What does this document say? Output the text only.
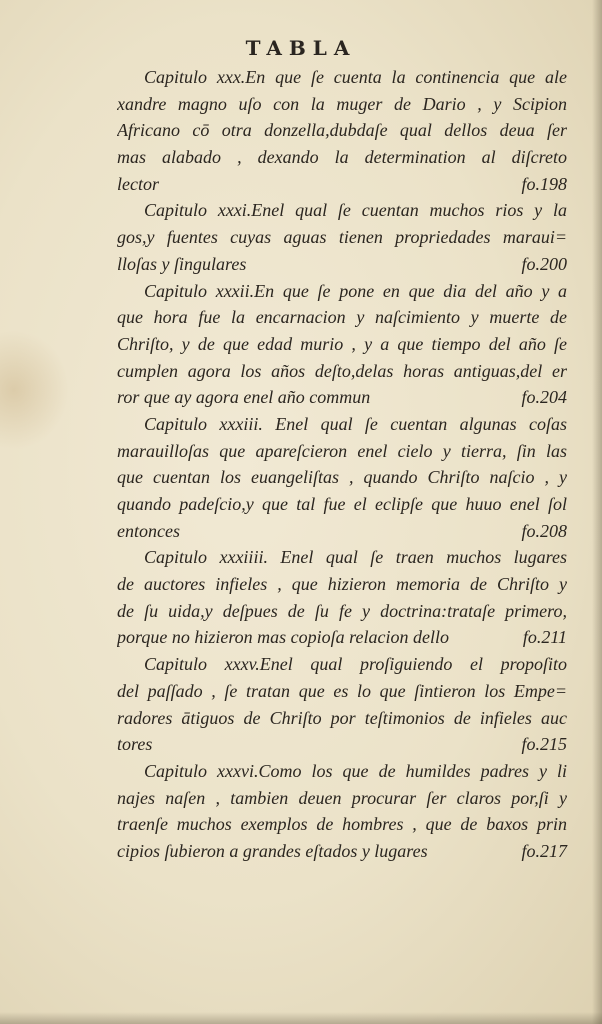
TABLA
Capitulo xxx.En que ſe cuenta la continencia que ale
xandre magno uſo con la muger de Dario , y Scipion
Africano cō otra donzella,dubdaſe qual dellos deua ſer
mas alabado , dexando la determination al diſcreto
lector	fo.198
Capitulo xxxi.Enel qual ſe cuentan muchos rios y la
gos,y fuentes cuyas aguas tienen propriedades maraui=
lloſas y ſingulares	fo.200
Capitulo xxxii.En que ſe pone en que dia del año y a
que hora fue la encarnacion y naſcimiento y muerte de
Chriſto, y de que edad murio , y a que tiempo del año ſe
cumplen agora los años deſto,delas horas antiguas,del er
ror que ay agora enel año commun	fo.204
Capitulo xxxiii. Enel qual ſe cuentan algunas coſas
marauilloſas que apareſcieron enel cielo y tierra, ſin las
que cuentan los euangeliſtas , quando Chriſto naſcio , y
quando padeſcio,y que tal fue el eclipſe que huuo enel ſol
entonces	fo.208
Capitulo xxxiiii. Enel qual ſe traen muchos lugares
de auctores infieles , que hizieron memoria de Chriſto y
de ſu uida,y deſpues de ſu fe y doctrina:trataſe primero,
porque no hizieron mas copioſa relacion dello	fo.211
Capitulo xxxv.Enel qual proſiguiendo el propoſito
del paſſado , ſe tratan que es lo que ſintieron los Empe=
radores ātiguos de Chriſto por teſtimonios de infieles auc
tores	fo.215
Capitulo xxxvi.Como los que de humildes padres y li
najes naſen , tambien deuen procurar ſer claros por,ſi y
traenſe muchos exemplos de hombres , que de baxos prin
cipios ſubieron a grandes eſtados y lugares	fo.217
